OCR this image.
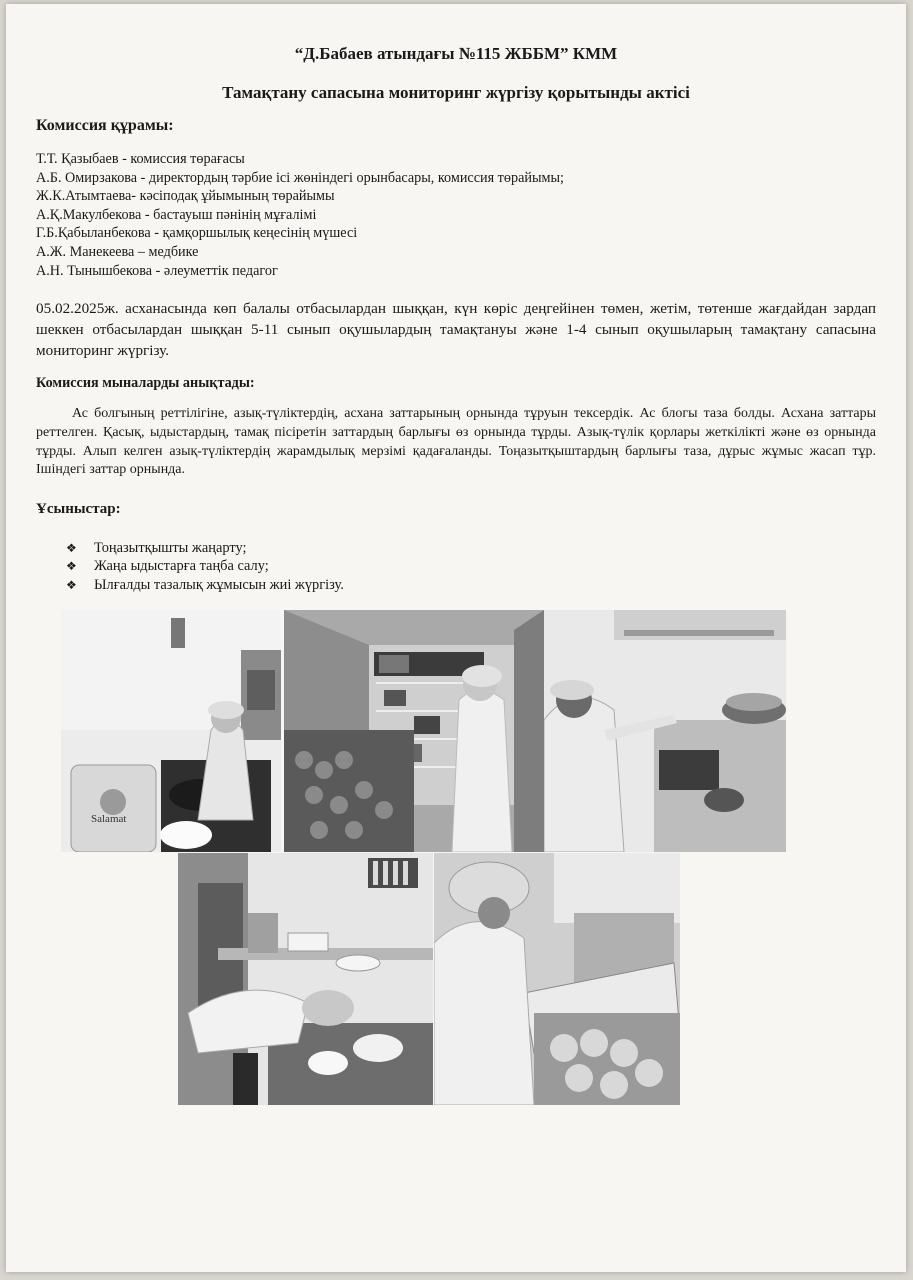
“Д.Бабаев атындағы №115 ЖББМ” КММ
Тамақтану сапасына мониторинг жүргізу қорытынды актісі
Комиссия құрамы:
Т.Т. Қазыбаев - комиссия төрағасы
А.Б. Омирзакова - директордың тәрбие ісі жөніндегі орынбасары, комиссия төрайымы;
Ж.К.Атымтаева- кәсіподақ ұйымының төрайымы
А.Қ.Макулбекова - бастауыш пәнінің мұғалімі
Г.Б.Қабыланбекова - қамқоршылық кеңесінің мүшесі
А.Ж. Манекеева – медбике
А.Н. Тынышбекова - әлеуметтік педагог
05.02.2025ж. асханасында көп балалы отбасылардан шыққан, күн көріс деңгейінен төмен, жетім, төтенше жағдайдан зардап шеккен отбасылардан шыққан 5-11 сынып оқушылардың тамақтануы және 1-4 сынып оқушыларың тамақтану сапасына мониторинг жүргізу.
Комиссия мыналарды анықтады:
Ас болгының реттілігіне, азық-түліктердің, асхана заттарының орнында тұруын тексердік. Ас блогы таза болды. Асхана заттары реттелген. Қасық, ыдыстардың, тамақ пісіретін заттардың барлығы өз орнында тұрды. Азық-түлік қорлары жеткілікті және өз орнында тұрды. Алып келген азық-түліктердің жарамдылық мерзімі қадағаланды. Тоңазытқыштардың барлығы таза, дұрыс жұмыс жасап тұр. Ішіндегі заттар орнында.
Ұсыныстар:
❖	Тоңазытқышты жаңарту;
❖	Жаңа ыдыстарға таңба салу;
❖	Ылғалды тазалық жұмысын жиі жүргізу.
Salamat
